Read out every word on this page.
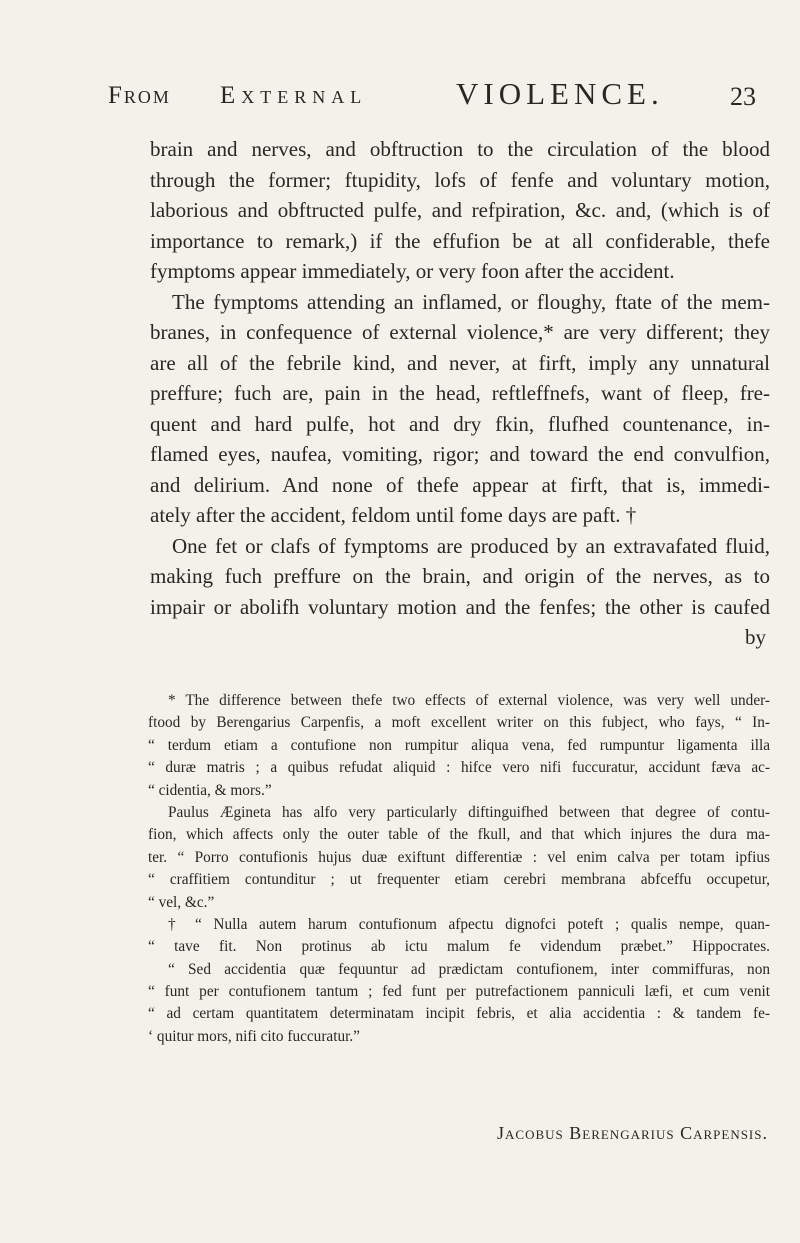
From External	VIOLENCE.	23
brain and nerves, and obftruction to the circulation of the blood
through the former; ftupidity, lofs of fenfe and voluntary motion,
laborious and obftructed pulfe, and refpiration, &c. and, (which is of
importance to remark,) if the effufion be at all confiderable, thefe
fymptoms appear immediately, or very foon after the accident.
The fymptoms attending an inflamed, or floughy, ftate of the mem-
branes, in confequence of external violence,* are very different; they
are all of the febrile kind, and never, at firft, imply any unnatural
preffure; fuch are, pain in the head, reftleffnefs, want of fleep, fre-
quent and hard pulfe, hot and dry fkin, flufhed countenance, in-
flamed eyes, naufea, vomiting, rigor; and toward the end convulfion,
and delirium. And none of thefe appear at firft, that is, immedi-
ately after the accident, feldom until fome days are paft. †
One fet or clafs of fymptoms are produced by an extravafated fluid,
making fuch preffure on the brain, and origin of the nerves, as to
impair or abolifh voluntary motion and the fenfes; the other is caufed
by
* The difference between thefe two effects of external violence, was very well under-
ftood by Berengarius Carpenfis, a moft excellent writer on this fubject, who fays, “ In-
“ terdum etiam a contufione non rumpitur aliqua vena, fed rumpuntur ligamenta illa
“ duræ matris ; a quibus refudat aliquid : hifce vero nifi fuccuratur, accidunt fæva ac-
“ cidentia, & mors.”
Paulus Ægineta has alfo very particularly diftinguifhed between that degree of contu-
fion, which affects only the outer table of the fkull, and that which injures the dura ma-
ter. “ Porro contufionis hujus duæ exiftunt differentiæ : vel enim calva per totam ipfius
“ craffitiem contunditur ; ut frequenter etiam cerebri membrana abfceffu occupetur,
“ vel, &c.”
† “ Nulla autem harum contufionum afpectu dignofci poteft ; qualis nempe, quan-
“ tave fit. Non protinus ab ictu malum fe videndum præbet.” Hippocrates.
“ Sed accidentia quæ fequuntur ad prædictam contufionem, inter commiffuras, non
“ funt per contufionem tantum ; fed funt per putrefactionem panniculi læfi, et cum venit
“ ad certam quantitatem determinatam incipit febris, et alia accidentia : & tandem fe-
‘ quitur mors, nifi cito fuccuratur.”
Jacobus Berengarius Carpensis.
